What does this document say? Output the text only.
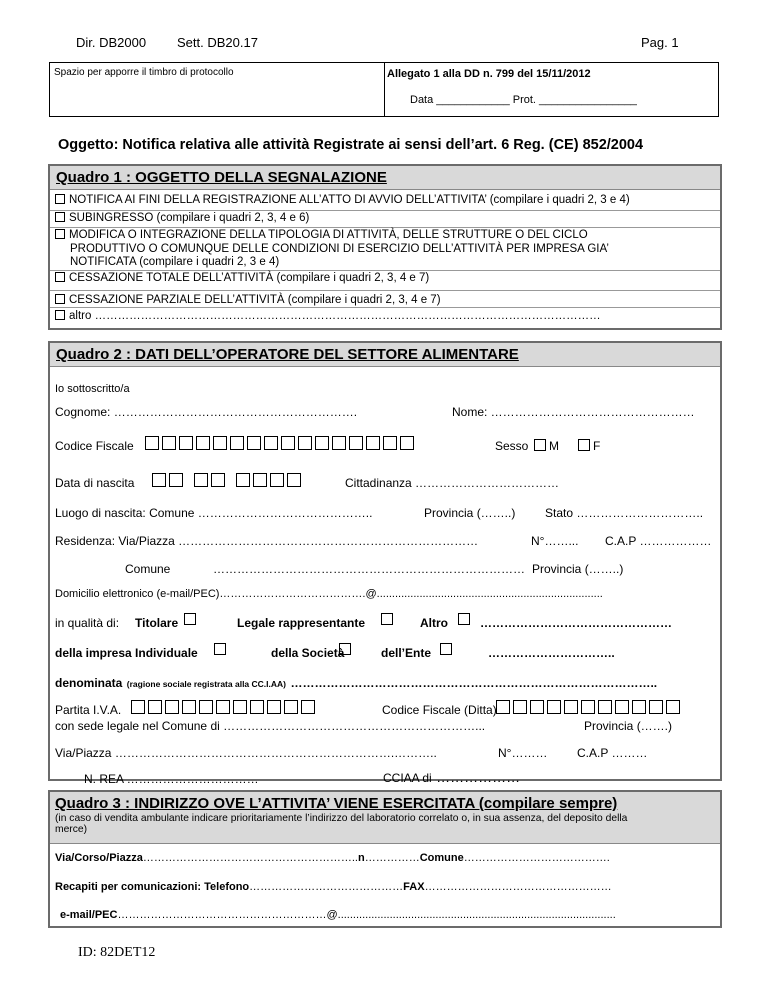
Dir. DB2000 Sett. DB20.17	Pag. 1
Spazio per apporre il timbro di protocollo	Allegato 1 alla DD n. 799 del 15/11/2012
Data ____________ Prot. ________________
Oggetto: Notifica relativa alle attività Registrate ai sensi dell’art. 6 Reg. (CE) 852/2004
Quadro 1 : OGGETTO DELLA SEGNALAZIONE
NOTIFICA AI FINI DELLA REGISTRAZIONE ALL’ATTO DI AVVIO DELL’ATTIVITA’ (compilare i quadri 2, 3 e 4)
SUBINGRESSO (compilare i quadri 2, 3, 4 e 6)
MODIFICA O INTEGRAZIONE DELLA TIPOLOGIA DI ATTIVITÀ, DELLE STRUTTURE O DEL CICLO
PRODUTTIVO O COMUNQUE DELLE CONDIZIONI DI ESERCIZIO DELL’ATTIVITÀ PER IMPRESA GIA’
NOTIFICATA (compilare i quadri 2, 3 e 4)
CESSAZIONE TOTALE DELL’ATTIVITÀ (compilare i quadri 2, 3, 4 e 7)
CESSAZIONE PARZIALE DELL’ATTIVITÀ (compilare i quadri 2, 3, 4 e 7)
altro ……………………………………………………………………………………………………………………
Quadro 2 : DATI DELL’OPERATORE DEL SETTORE ALIMENTARE
Io sottoscritto/a
Cognome: …………………………………………………….	Nome: ……………………………………………
Codice Fiscale	Sesso M	F
Data di nascita	Cittadinanza ………………………………
Luogo di nascita: Comune ……………………………………..	Provincia (……..) Stato …………………………..
Residenza: Via/Piazza …………………………………………………………………	N°……... C.A.P ………………
Comune	…………………………………………………………………… Provincia (……..)
Domicilio elettronico (e-mail/PEC)………………………………….@..........................................................................
in qualità di: Titolare	Legale rappresentante	Altro	…………………………………………
della impresa Individuale	della Società	dell’Ente	…………………………..
denominata (ragione sociale registrata alla CC.I.AA) ………………………………………………………………………………..
Partita I.V.A.	Codice Fiscale (Ditta)
con sede legale nel Comune di ………………………………………………………...	Provincia (…….)
Via/Piazza …………………………………………………………….………..	N°……… C.A.P ………
N. REA ……………………………	CCIAA di ………………
Quadro 3 : INDIRIZZO OVE L’ATTIVITA’ VIENE ESERCITATA (compilare sempre)
(in caso di vendita ambulante indicare prioritariamente l’indirizzo del laboratorio correlato o, in sua assenza, del deposito della
merce)
Via/Corso/Piazza…………………………………………………..n……………Comune………………………………….
Recapiti per comunicazioni: Telefono……………………………………FAX……………………………………………
e-mail/PEC…………………………………………………@...........................................................................................
ID: 82DET12
